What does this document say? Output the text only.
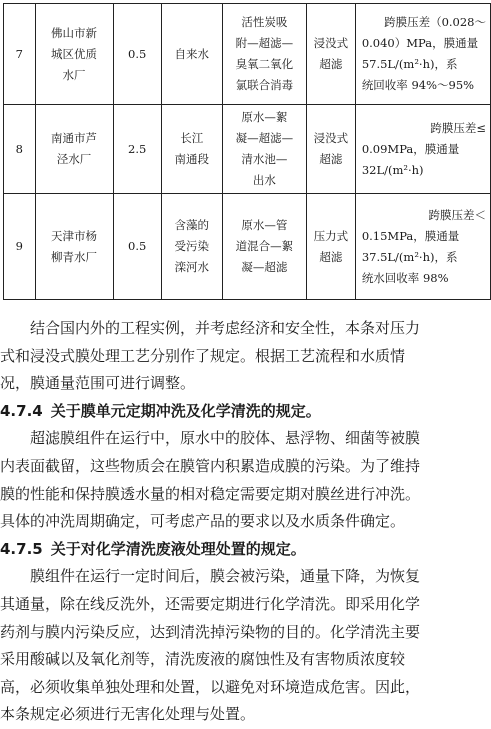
7	佛山市新
城区优质
水厂	0.5	自来水	活性炭吸
附—超滤—
臭氧二氧化
氯联合消毒	浸没式
超滤	跨膜压差（0.028～
0.040）MPa，膜通量
57.5L/(m²·h)，系
统回收率 94%～95%

8	南通市芦
泾水厂	2.5	长江
南通段	原水—絮
凝—超滤—
清水池—
出水	浸没式
超滤	跨膜压差≤
0.09MPa，膜通量
32L/(m²·h)

9	天津市杨
柳青水厂	0.5	含藻的
受污染
滦河水	原水—管
道混合—絮
凝—超滤	压力式
超滤	跨膜压差＜
0.15MPa，膜通量
37.5L/(m²·h)，系
统水回收率 98%
结合国内外的工程实例，并考虑经济和安全性，本条对压力
式和浸没式膜处理工艺分别作了规定。根据工艺流程和水质情
况，膜通量范围可进行调整。
4.7.4 关于膜单元定期冲洗及化学清洗的规定。
超滤膜组件在运行中，原水中的胶体、悬浮物、细菌等被膜
内表面截留，这些物质会在膜管内积累造成膜的污染。为了维持
膜的性能和保持膜透水量的相对稳定需要定期对膜丝进行冲洗。
具体的冲洗周期确定，可考虑产品的要求以及水质条件确定。
4.7.5 关于对化学清洗废液处理处置的规定。
膜组件在运行一定时间后，膜会被污染，通量下降，为恢复
其通量，除在线反洗外，还需要定期进行化学清洗。即采用化学
药剂与膜内污染反应，达到清洗掉污染物的目的。化学清洗主要
采用酸碱以及氧化剂等，清洗废液的腐蚀性及有害物质浓度较
高，必须收集单独处理和处置，以避免对环境造成危害。因此，
本条规定必须进行无害化处理与处置。
